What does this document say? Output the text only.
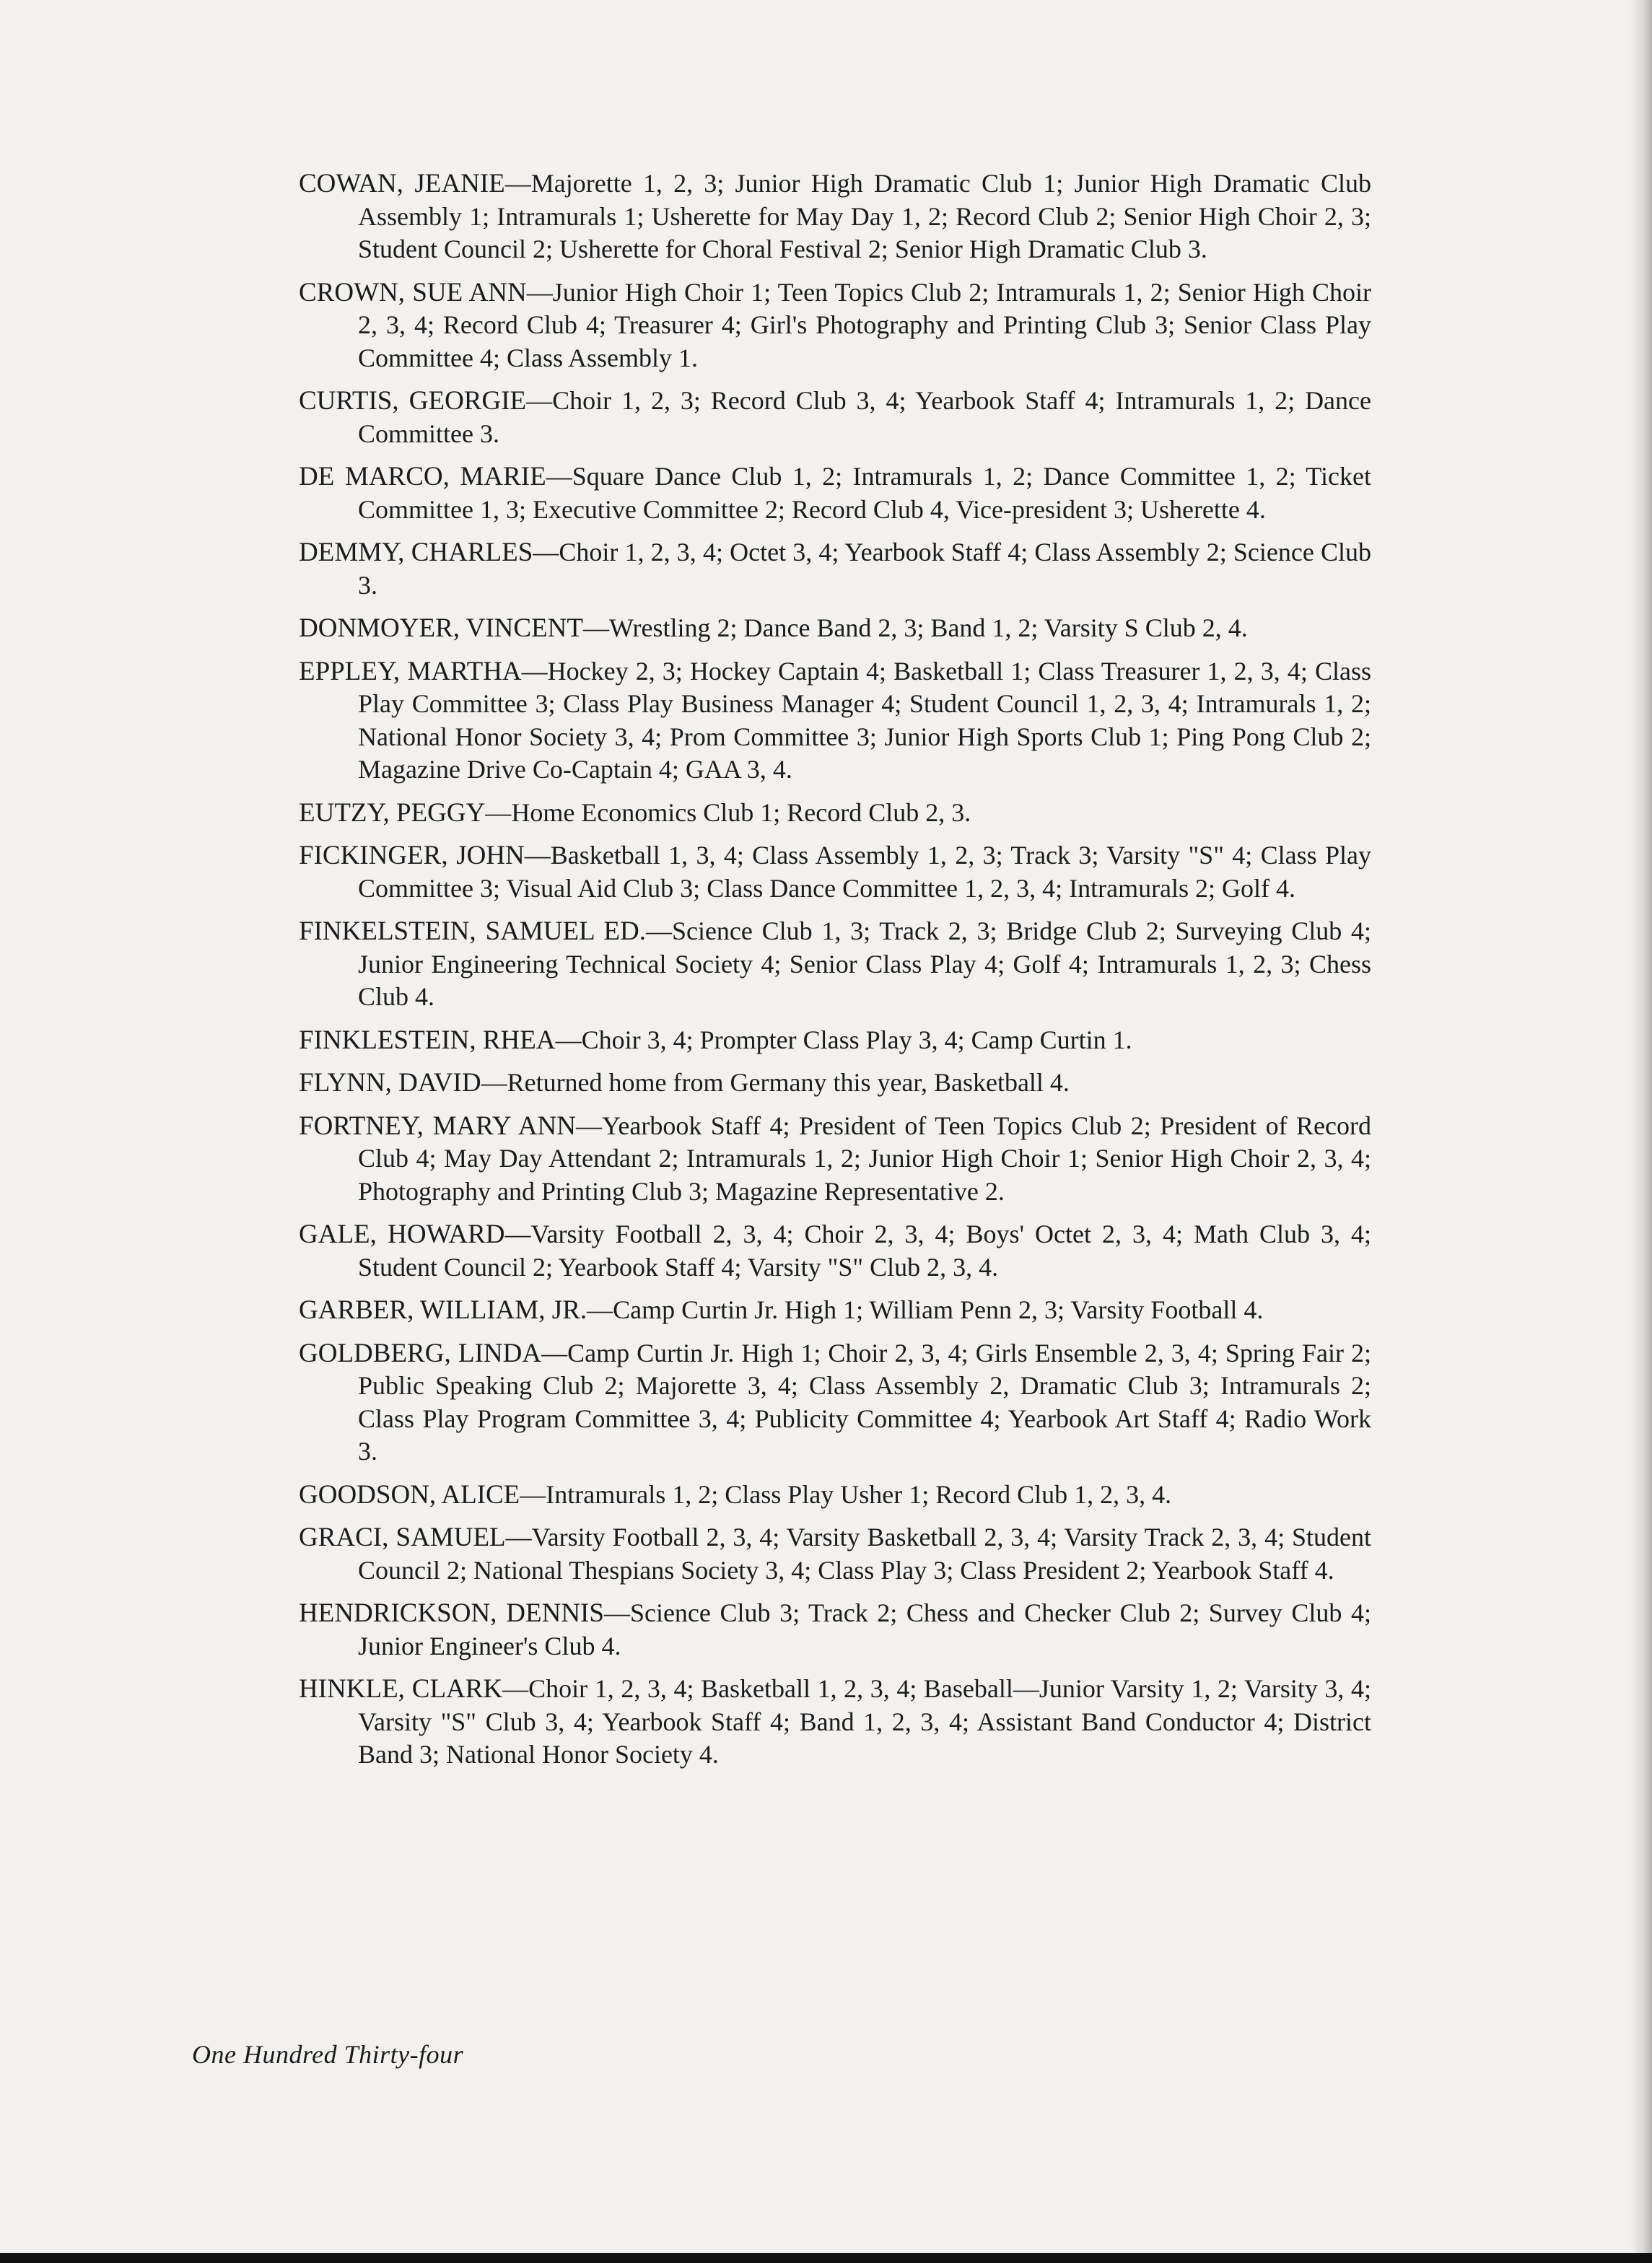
COWAN, JEANIE—Majorette 1, 2, 3; Junior High Dramatic Club 1; Junior High Dramatic Club Assembly 1; Intramurals 1; Usherette for May Day 1, 2; Record Club 2; Senior High Choir 2, 3; Student Council 2; Usherette for Choral Festival 2; Senior High Dramatic Club 3.

CROWN, SUE ANN—Junior High Choir 1; Teen Topics Club 2; Intramurals 1, 2; Senior High Choir 2, 3, 4; Record Club 4; Treasurer 4; Girl's Photography and Printing Club 3; Senior Class Play Committee 4; Class Assembly 1.

CURTIS, GEORGIE—Choir 1, 2, 3; Record Club 3, 4; Yearbook Staff 4; Intramurals 1, 2; Dance Committee 3.

DE MARCO, MARIE—Square Dance Club 1, 2; Intramurals 1, 2; Dance Committee 1, 2; Ticket Committee 1, 3; Executive Committee 2; Record Club 4, Vice-president 3; Usherette 4.

DEMMY, CHARLES—Choir 1, 2, 3, 4; Octet 3, 4; Yearbook Staff 4; Class Assembly 2; Science Club 3.

DONMOYER, VINCENT—Wrestling 2; Dance Band 2, 3; Band 1, 2; Varsity S Club 2, 4.

EPPLEY, MARTHA—Hockey 2, 3; Hockey Captain 4; Basketball 1; Class Treasurer 1, 2, 3, 4; Class Play Committee 3; Class Play Business Manager 4; Student Council 1, 2, 3, 4; Intramurals 1, 2; National Honor Society 3, 4; Prom Committee 3; Junior High Sports Club 1; Ping Pong Club 2; Magazine Drive Co-Captain 4; GAA 3, 4.

EUTZY, PEGGY—Home Economics Club 1; Record Club 2, 3.

FICKINGER, JOHN—Basketball 1, 3, 4; Class Assembly 1, 2, 3; Track 3; Varsity "S" 4; Class Play Committee 3; Visual Aid Club 3; Class Dance Committee 1, 2, 3, 4; Intramurals 2; Golf 4.

FINKELSTEIN, SAMUEL ED.—Science Club 1, 3; Track 2, 3; Bridge Club 2; Surveying Club 4; Junior Engineering Technical Society 4; Senior Class Play 4; Golf 4; Intramurals 1, 2, 3; Chess Club 4.

FINKLESTEIN, RHEA—Choir 3, 4; Prompter Class Play 3, 4; Camp Curtin 1.

FLYNN, DAVID—Returned home from Germany this year, Basketball 4.

FORTNEY, MARY ANN—Yearbook Staff 4; President of Teen Topics Club 2; President of Record Club 4; May Day Attendant 2; Intramurals 1, 2; Junior High Choir 1; Senior High Choir 2, 3, 4; Photography and Printing Club 3; Magazine Representative 2.

GALE, HOWARD—Varsity Football 2, 3, 4; Choir 2, 3, 4; Boys' Octet 2, 3, 4; Math Club 3, 4; Student Council 2; Yearbook Staff 4; Varsity "S" Club 2, 3, 4.

GARBER, WILLIAM, JR.—Camp Curtin Jr. High 1; William Penn 2, 3; Varsity Football 4.

GOLDBERG, LINDA—Camp Curtin Jr. High 1; Choir 2, 3, 4; Girls Ensemble 2, 3, 4; Spring Fair 2; Public Speaking Club 2; Majorette 3, 4; Class Assembly 2, Dramatic Club 3; Intramurals 2; Class Play Program Committee 3, 4; Publicity Committee 4; Yearbook Art Staff 4; Radio Work 3.

GOODSON, ALICE—Intramurals 1, 2; Class Play Usher 1; Record Club 1, 2, 3, 4.

GRACI, SAMUEL—Varsity Football 2, 3, 4; Varsity Basketball 2, 3, 4; Varsity Track 2, 3, 4; Student Council 2; National Thespians Society 3, 4; Class Play 3; Class President 2; Yearbook Staff 4.

HENDRICKSON, DENNIS—Science Club 3; Track 2; Chess and Checker Club 2; Survey Club 4; Junior Engineer's Club 4.

HINKLE, CLARK—Choir 1, 2, 3, 4; Basketball 1, 2, 3, 4; Baseball—Junior Varsity 1, 2; Varsity 3, 4; Varsity "S" Club 3, 4; Yearbook Staff 4; Band 1, 2, 3, 4; Assistant Band Conductor 4; District Band 3; National Honor Society 4.

One Hundred Thirty-four
